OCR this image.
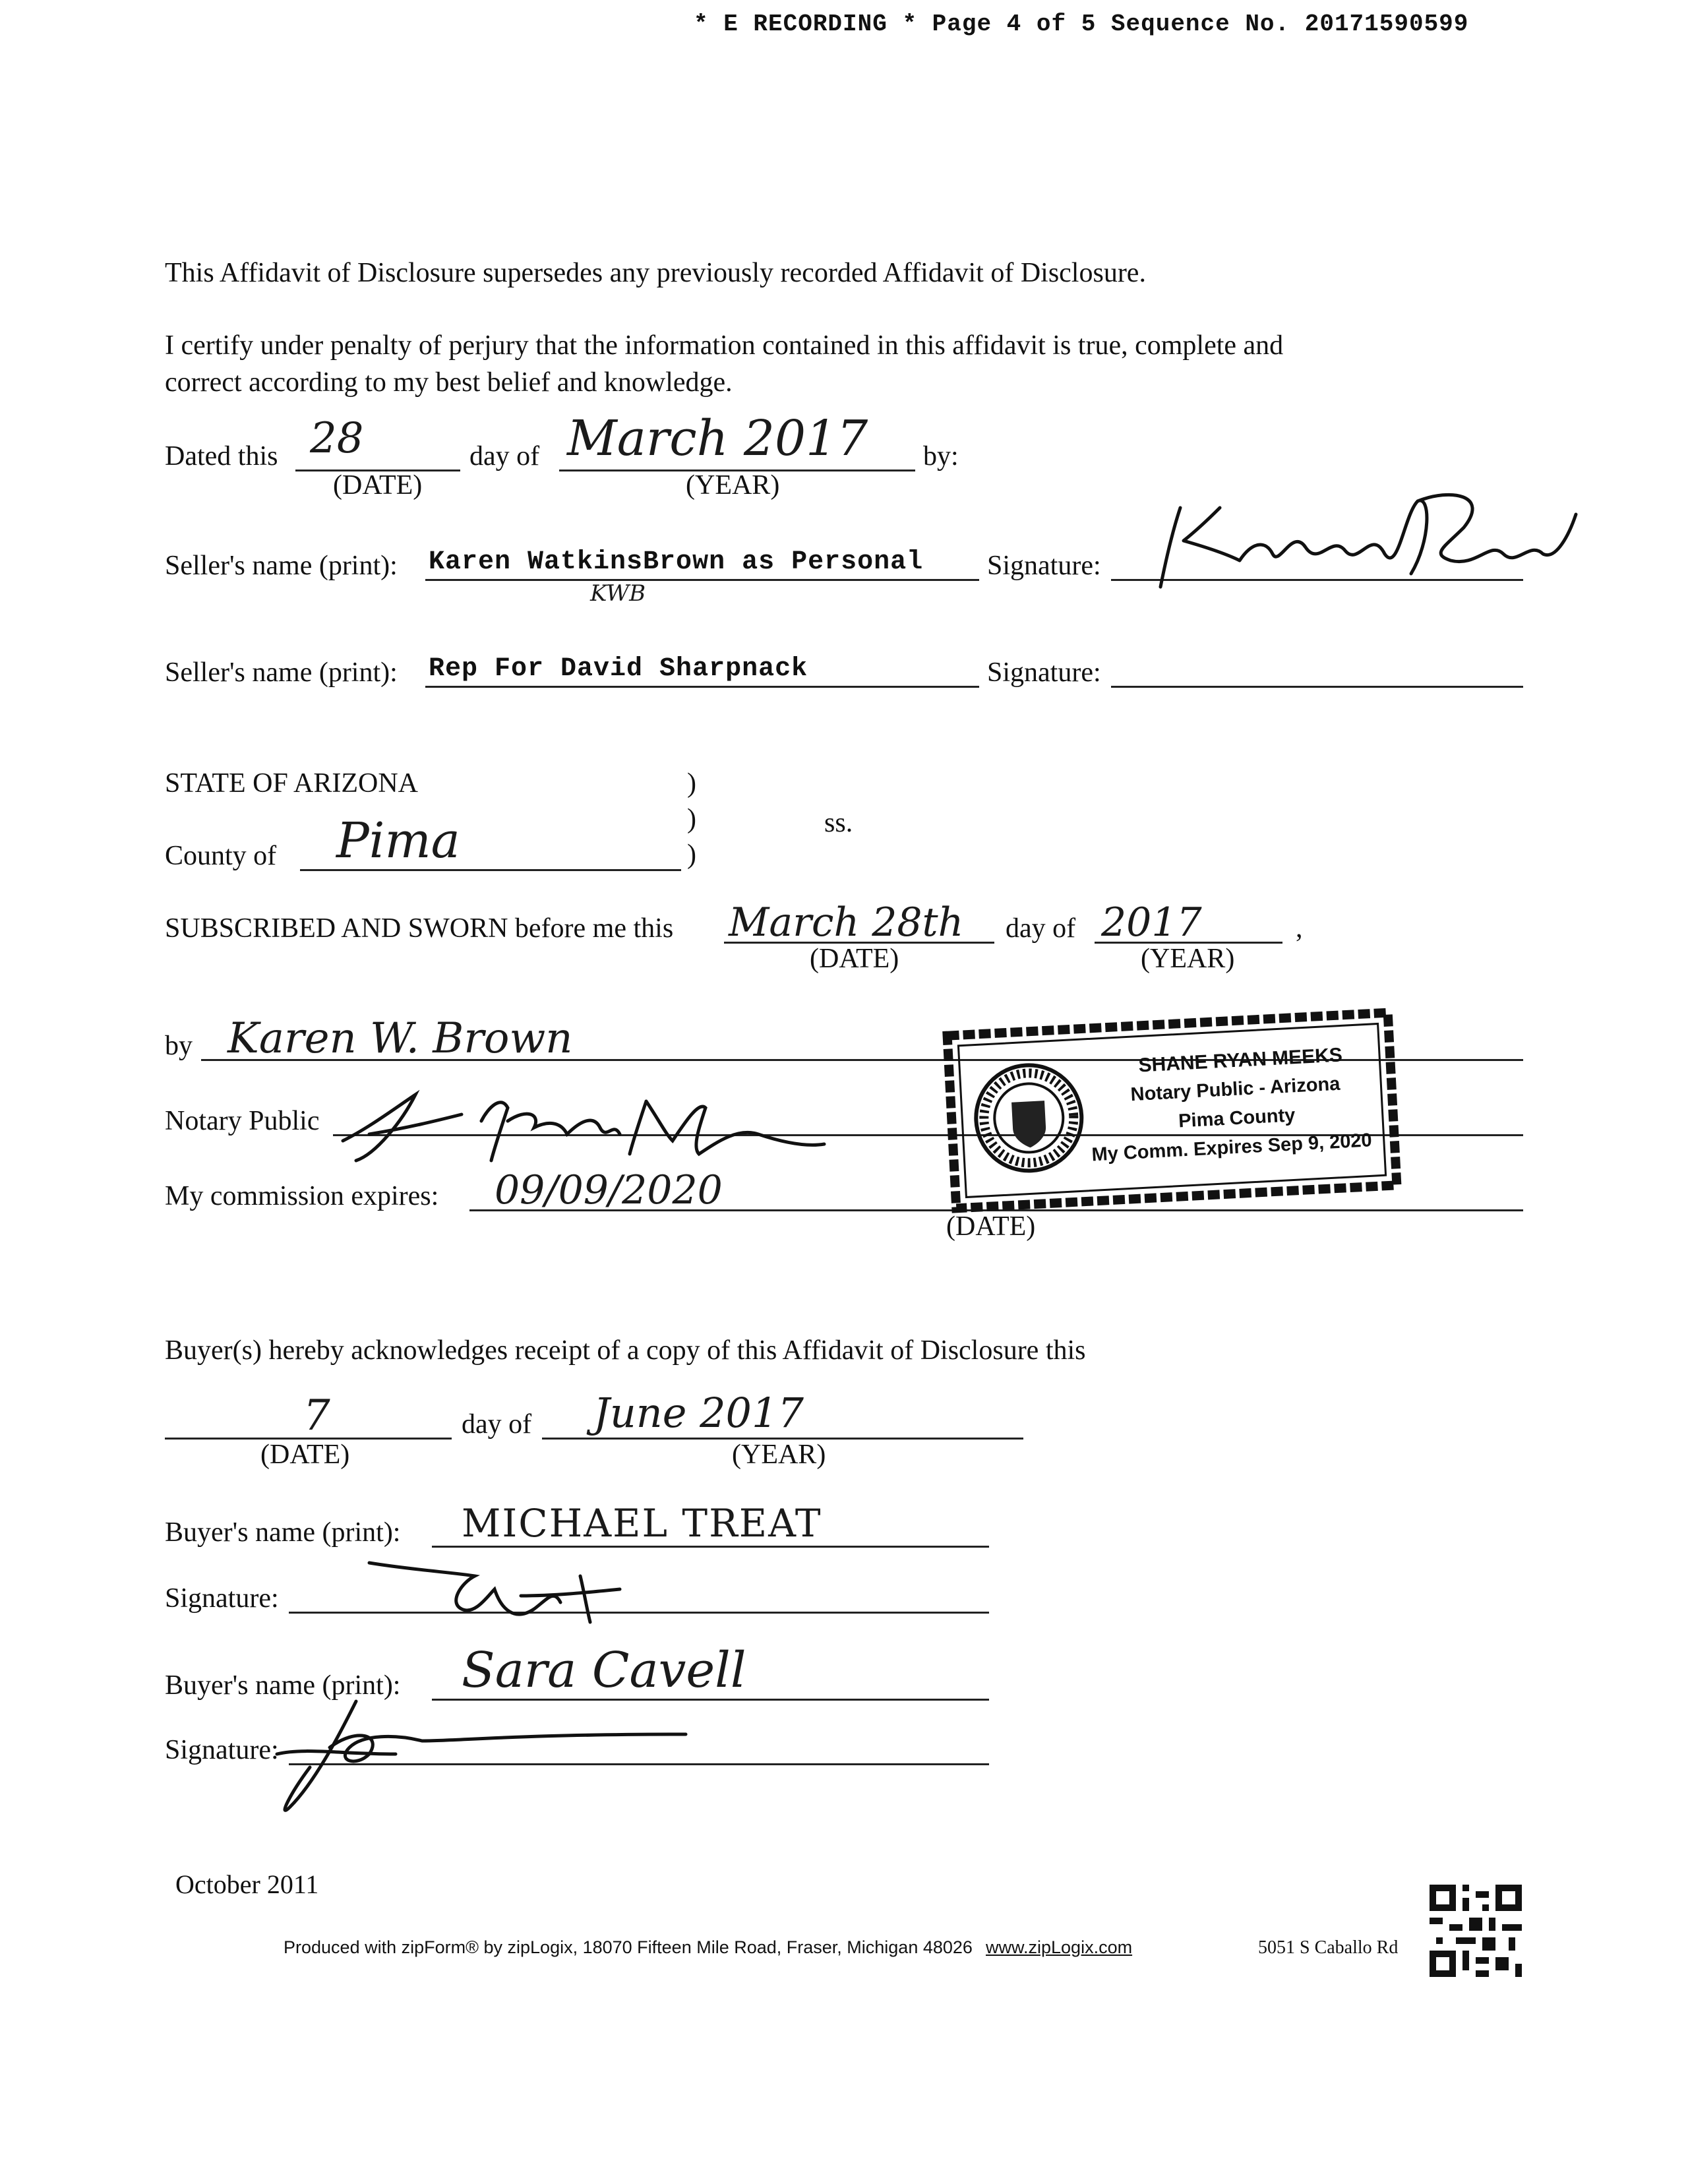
* E RECORDING * Page 4 of 5 Sequence No. 20171590599
This Affidavit of Disclosure supersedes any previously recorded Affidavit of Disclosure.
I certify under penalty of perjury that the information contained in this affidavit is true, complete and
correct according to my best belief and knowledge.
Dated this 28	day of March 2017 by:
(DATE)	(YEAR)
Seller's name (print): Karen WatkinsBrown as Personal
KWB
Signature:
Seller's name (print): Rep For David Sharpnack	Signature:
STATE OF ARIZONA	)
)
)
ss.
County of Pima
SUBSCRIBED AND SWORN before me this March 28th day of 2017	,
(DATE)	(YEAR)
by Karen W. Brown
Notary Public
My commission expires: 09/09/2020
(DATE)
SHANE RYAN MEEKS
Notary Public - Arizona
Pima County
My Comm. Expires Sep 9, 2020
Buyer(s) hereby acknowledges receipt of a copy of this Affidavit of Disclosure this
7	day of June 2017
(DATE)	(YEAR)
Buyer's name (print): MICHAEL TREAT
Signature:
Buyer's name (print): Sara Cavell
Signature:
October 2011
Produced with zipForm® by zipLogix, 18070 Fifteen Mile Road, Fraser, Michigan 48026 www.zipLogix.com	5051 S Caballo Rd
